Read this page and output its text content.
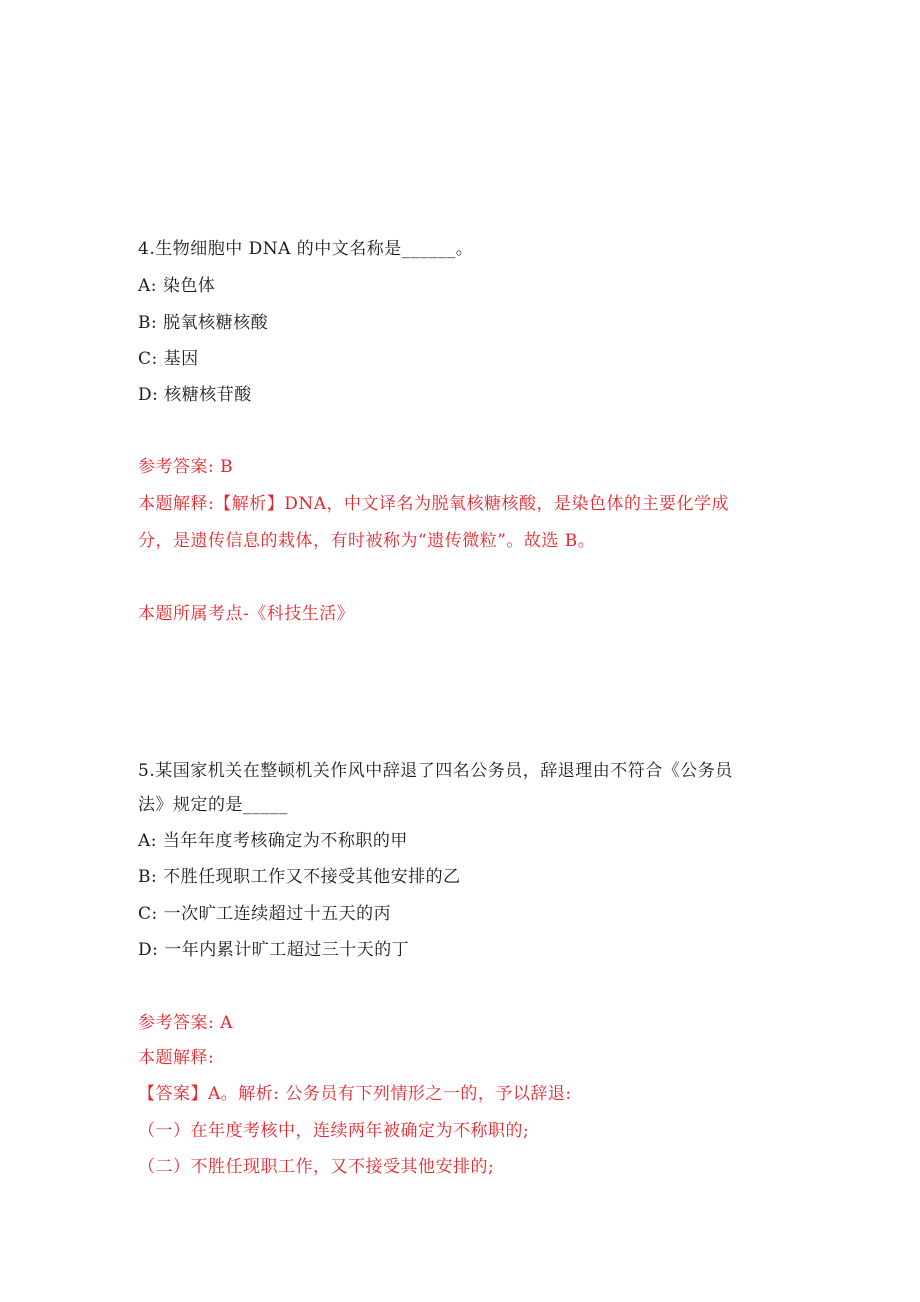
4.生物细胞中 DNA 的中文名称是______。
A: 染色体
B: 脱氧核糖核酸
C: 基因
D: 核糖核苷酸
参考答案: B
本题解释:【解析】DNA，中文译名为脱氧核糖核酸，是染色体的主要化学成
分，是遗传信息的栽体，有时被称为“遗传微粒”。故选 B。
本题所属考点-《科技生活》
5.某国家机关在整顿机关作风中辞退了四名公务员，辞退理由不符合《公务员
法》规定的是_____
A: 当年年度考核确定为不称职的甲
B: 不胜任现职工作又不接受其他安排的乙
C: 一次旷工连续超过十五天的丙
D: 一年内累计旷工超过三十天的丁
参考答案: A
本题解释:
【答案】A。解析: 公务员有下列情形之一的，予以辞退:
（一）在年度考核中，连续两年被确定为不称职的;
（二）不胜任现职工作，又不接受其他安排的;
